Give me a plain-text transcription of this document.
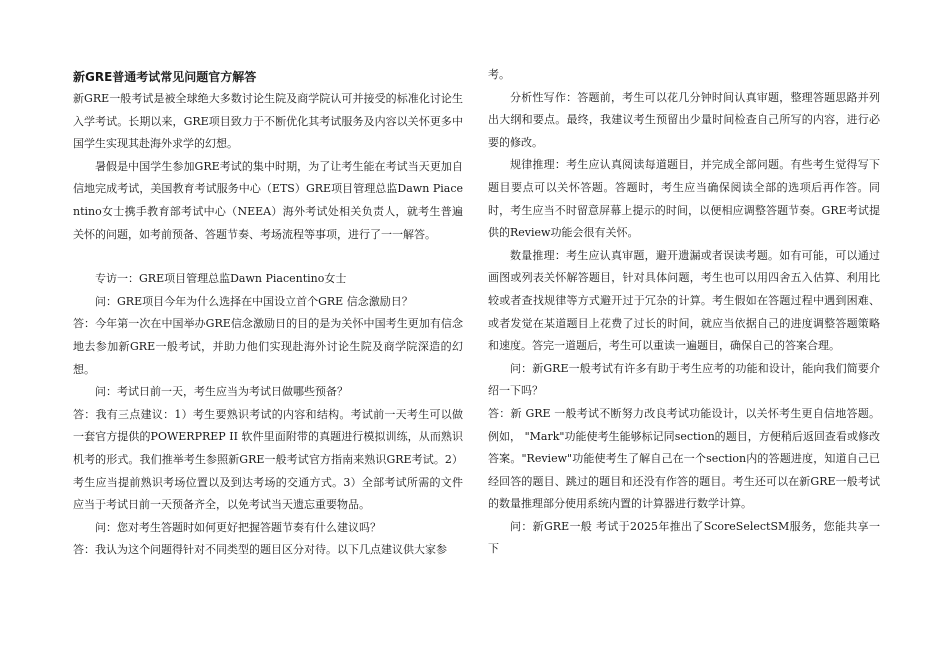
新GRE普通考试常见问题官方解答

新GRE一般考试是被全球绝大多数讨论生院及商学院认可并接受的标准化讨论生入学考试。长期以来，GRE项目致力于不断优化其考试服务及内容以关怀更多中国学生实现其赴海外求学的幻想。

暑假是中国学生参加GRE考试的集中时期，为了让考生能在考试当天更加自信地完成考试，美国教育考试服务中心（ETS）GRE项目管理总监Dawn Piacentino女士携手教育部考试中心（NEEA）海外考试处相关负责人，就考生普遍关怀的问题，如考前预备、答题节奏、考场流程等事项，进行了一一解答。

专访一：GRE项目管理总监Dawn Piacentino女士

问：GRE项目今年为什么选择在中国设立首个GRE 信念激励日？

答：今年第一次在中国举办GRE信念激励日的目的是为关怀中国考生更加有信念地去参加新GRE一般考试，并助力他们实现赴海外讨论生院及商学院深造的幻想。

问：考试日前一天，考生应当为考试日做哪些预备？

答：我有三点建议：1）考生要熟识考试的内容和结构。考试前一天考生可以做一套官方提供的POWERPREP II 软件里面附带的真题进行模拟训练，从而熟识机考的形式。我们推举考生参照新GRE一般考试官方指南来熟识GRE考试。2）考生应当提前熟识考场位置以及到达考场的交通方式。3）全部考试所需的文件应当于考试日前一天预备齐全，以免考试当天遗忘重要物品。

问：您对考生答题时如何更好把握答题节奏有什么建议吗？

答：我认为这个问题得针对不同类型的题目区分对待。以下几点建议供大家参

考。

分析性写作：答题前，考生可以花几分钟时间认真审题，整理答题思路并列出大纲和要点。最终，我建议考生预留出少量时间检查自己所写的内容，进行必要的修改。

规律推理：考生应认真阅读每道题目，并完成全部问题。有些考生觉得写下题目要点可以关怀答题。答题时，考生应当确保阅读全部的选项后再作答。同时，考生应当不时留意屏幕上提示的时间，以便相应调整答题节奏。GRE考试提供的Review功能会很有关怀。

数量推理：考生应认真审题，避开遗漏或者误读考题。如有可能，可以通过画图或列表关怀解答题目，针对具体问题，考生也可以用四舍五入估算、利用比较或者查找规律等方式避开过于冗杂的计算。考生假如在答题过程中遇到困难、或者发觉在某道题目上花费了过长的时间，就应当依据自己的进度调整答题策略和速度。答完一道题后，考生可以重读一遍题目，确保自己的答案合理。

问：新GRE一般考试有许多有助于考生应考的功能和设计，能向我们简要介绍一下吗？

答：新 GRE 一般考试不断努力改良考试功能设计，以关怀考生更自信地答题。例如， "Mark"功能使考生能够标记同section的题目，方便稍后返回查看或修改答案。"Review"功能使考生了解自己在一个section内的答题进度，知道自己已经回答的题目、跳过的题目和还没有作答的题目。考生还可以在新GRE一般考试的数量推理部分使用系统内置的计算器进行数学计算。

问：新GRE一般 考试于2025年推出了ScoreSelectSM服务，您能共享一下
